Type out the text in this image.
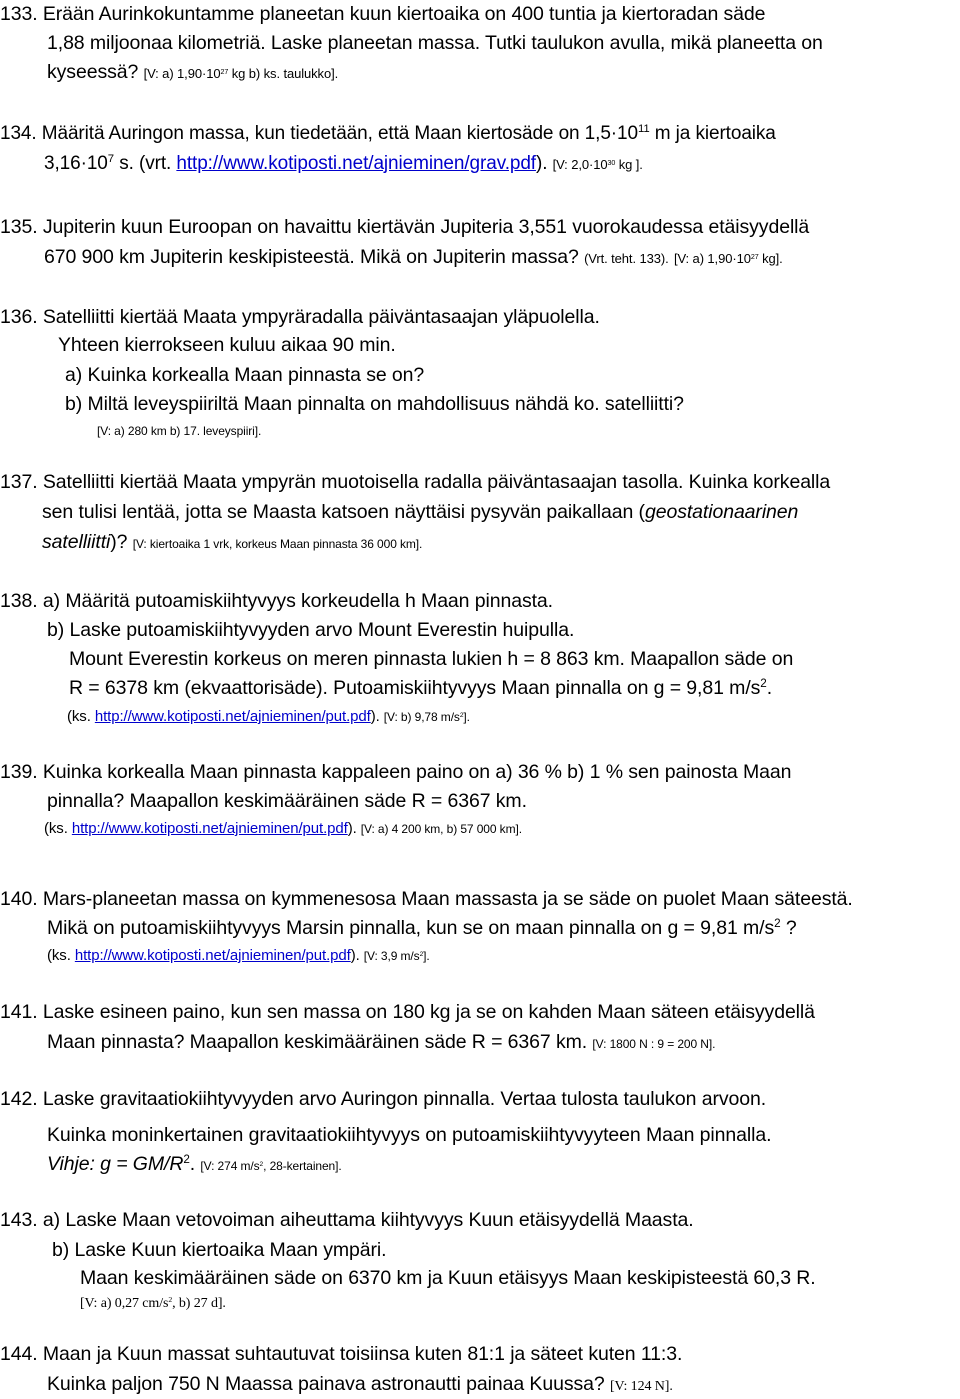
133. Erään Aurinkokuntamme planeetan kuun kiertoaika on 400 tuntia ja kiertoradan säde
1,88 miljoonaa kilometriä. Laske planeetan massa. Tutki taulukon avulla, mikä planeetta on
kyseessä? [V: a) $1,90\cdot 10^{27}$ kg b) ks. taulukko].
134. Määritä Auringon massa, kun tiedetään, että Maan kiertosäde on $1,5\cdot 10^{11}$ m ja kiertoaika
$3,16\cdot 10^7$ s. (vrt. http://www.kotiposti.net/ajnieminen/grav.pdf). [V: $2,0\cdot 10^{30}$ kg ].
135. Jupiterin kuun Euroopan on havaittu kiertävän Jupiteria 3,551 vuorokaudessa etäisyydellä
670 900 km Jupiterin keskipisteestä. Mikä on Jupiterin massa? (Vrt. teht. 133). [V: a) $1,90\cdot 10^{27}$ kg].
136. Satelliitti kiertää Maata ympyräradalla päiväntasaajan yläpuolella.
Yhteen kierrokseen kuluu aikaa 90 min.
a) Kuinka korkealla Maan pinnasta se on?
b) Miltä leveyspiiriltä Maan pinnalta on mahdollisuus nähdä ko. satelliitti?
[V: a) 280 km b) 17. leveyspiiri].
137. Satelliitti kiertää Maata ympyrän muotoisella radalla päiväntasaajan tasolla. Kuinka korkealla
sen tulisi lentää, jotta se Maasta katsoen näyttäisi pysyvän paikallaan (geostationaarinen
satelliitti)? [V: kiertoaika 1 vrk, korkeus Maan pinnasta 36 000 km].
138. a) Määritä putoamiskiihtyvyys korkeudella h Maan pinnasta.
b) Laske putoamiskiihtyvyyden arvo Mount Everestin huipulla.
Mount Everestin korkeus on meren pinnasta lukien h = 8 863 km. Maapallon säde on
R = 6378 km (ekvaattorisäde). Putoamiskiihtyvyys Maan pinnalla on g = 9,81 $m/s^2$.
(ks. http://www.kotiposti.net/ajnieminen/put.pdf). [V: b) 9,78 $m/s^2$].
139. Kuinka korkealla Maan pinnasta kappaleen paino on a) 36 % b) 1 % sen painosta Maan
pinnalla? Maapallon keskimääräinen säde R = 6367 km.
(ks. http://www.kotiposti.net/ajnieminen/put.pdf). [V: a) 4 200 km, b) 57 000 km].
140. Mars-planeetan massa on kymmenesosa Maan massasta ja se säde on puolet Maan säteestä.
Mikä on putoamiskiihtyvyys Marsin pinnalla, kun se on maan pinnalla on g = 9,81 $m/s^2$ ?
(ks. http://www.kotiposti.net/ajnieminen/put.pdf). [V: 3,9 $m/s^2$].
141. Laske esineen paino, kun sen massa on 180 kg ja se on kahden Maan säteen etäisyydellä
Maan pinnasta? Maapallon keskimääräinen säde R = 6367 km. [V: 1800 N : 9 = 200 N].
142. Laske gravitaatiokiihtyvyyden arvo Auringon pinnalla. Vertaa tulosta taulukon arvoon.
Kuinka moninkertainen gravitaatiokiihtyvyys on putoamiskiihtyvyyteen Maan pinnalla.
Vihje: $g = GM/R^2$. [V: 274 $m/s^2$, 28-kertainen].
143. a) Laske Maan vetovoiman aiheuttama kiihtyvyys Kuun etäisyydellä Maasta.
b) Laske Kuun kiertoaika Maan ympäri.
Maan keskimääräinen säde on 6370 km ja Kuun etäisyys Maan keskipisteestä 60,3 R.
[V: a) 0,27 $cm/s^2$, b) 27 d].
144. Maan ja Kuun massat suhtautuvat toisiinsa kuten 81:1 ja säteet kuten 11:3.
Kuinka paljon 750 N Maassa painava astronautti painaa Kuussa? [V: 124 N].
